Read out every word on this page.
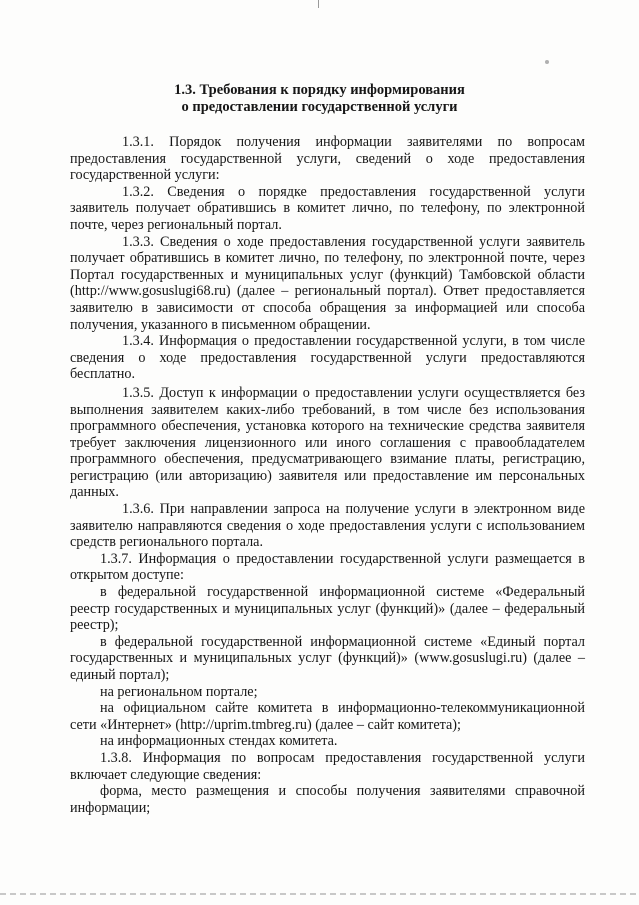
1.3. Требования к порядку информирования
о предоставлении государственной услуги

1.3.1. Порядок получения информации заявителями по вопросам предоставления государственной услуги, сведений о ходе предоставления государственной услуги:

1.3.2. Сведения о порядке предоставления государственной услуги заявитель получает обратившись в комитет лично, по телефону, по электронной почте, через региональный портал.

1.3.3. Сведения о ходе предоставления государственной услуги заявитель получает обратившись в комитет лично, по телефону, по электронной почте, через Портал государственных и муниципальных услуг (функций) Тамбовской области (http://www.gosuslugi68.ru) (далее – региональный портал). Ответ предоставляется заявителю в зависимости от способа обращения за информацией или способа получения, указанного в письменном обращении.

1.3.4. Информация о предоставлении государственной услуги, в том числе сведения о ходе предоставления государственной услуги предоставляются бесплатно.

1.3.5. Доступ к информации о предоставлении услуги осуществляется без выполнения заявителем каких-либо требований, в том числе без использования программного обеспечения, установка которого на технические средства заявителя требует заключения лицензионного или иного соглашения с правообладателем программного обеспечения, предусматривающего взимание платы, регистрацию, регистрацию (или авторизацию) заявителя или предоставление им персональных данных.

1.3.6. При направлении запроса на получение услуги в электронном виде заявителю направляются сведения о ходе предоставления услуги с использованием средств регионального портала.

1.3.7. Информация о предоставлении государственной услуги размещается в открытом доступе:

в федеральной государственной информационной системе «Федеральный реестр государственных и муниципальных услуг (функций)» (далее – федеральный реестр);

в федеральной государственной информационной системе «Единый портал государственных и муниципальных услуг (функций)» (www.gosuslugi.ru) (далее – единый портал);

на региональном портале;

на официальном сайте комитета в информационно-телекоммуникационной сети «Интернет» (http://uprim.tmbreg.ru) (далее – сайт комитета);

на информационных стендах комитета.

1.3.8. Информация по вопросам предоставления государственной услуги включает следующие сведения:

форма, место размещения и способы получения заявителями справочной информации;
